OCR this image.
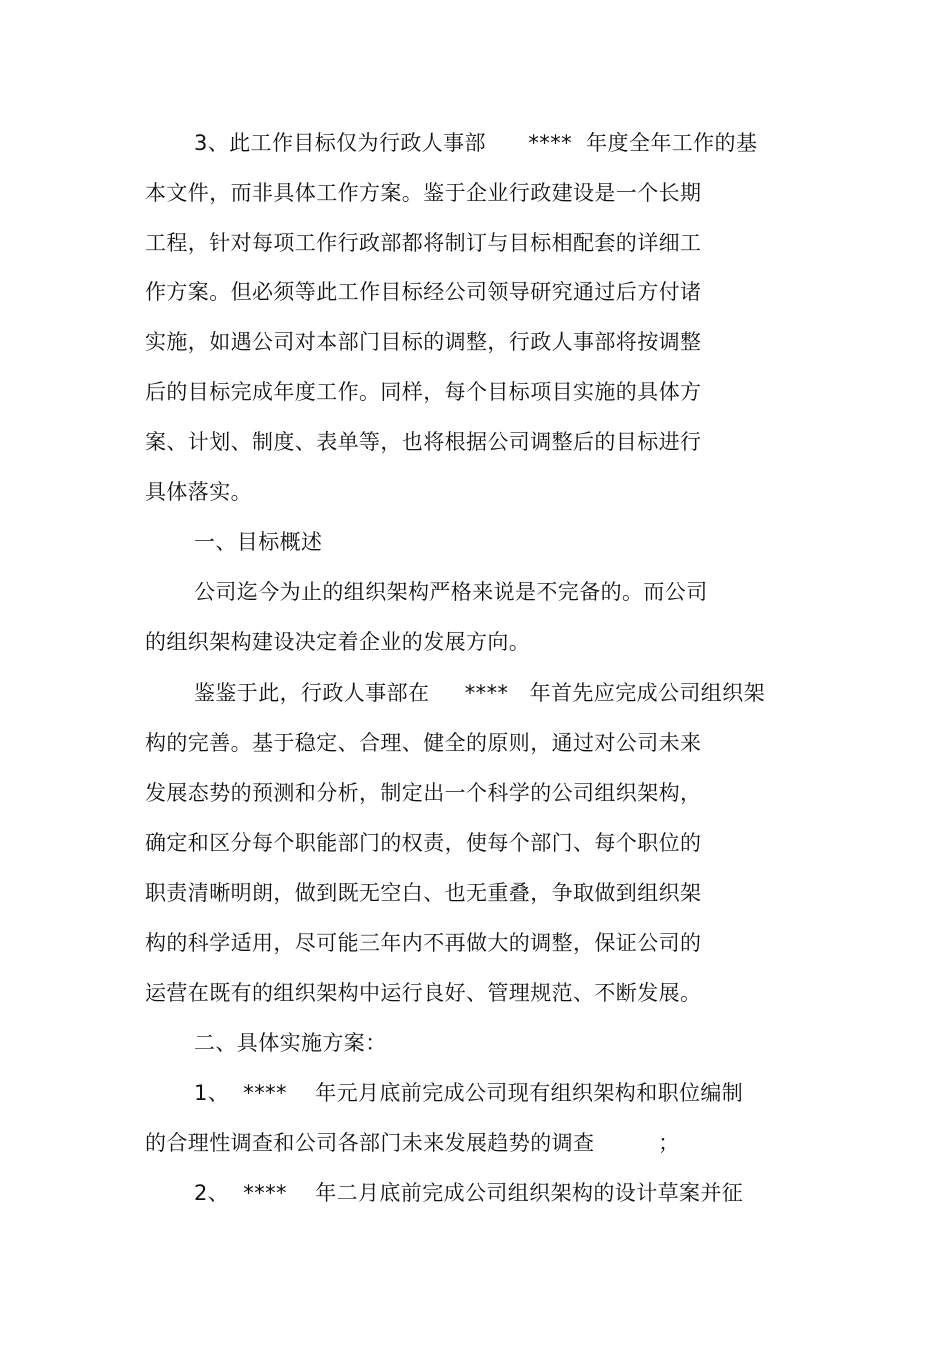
3、此工作目标仅为行政人事部      ****  年度全年工作的基
本文件，而非具体工作方案。鉴于企业行政建设是一个长期
工程，针对每项工作行政部都将制订与目标相配套的详细工
作方案。但必须等此工作目标经公司领导研究通过后方付诸
实施，如遇公司对本部门目标的调整，行政人事部将按调整
后的目标完成年度工作。同样，每个目标项目实施的具体方
案、计划、制度、表单等，也将根据公司调整后的目标进行
具体落实。
一、目标概述
公司迄今为止的组织架构严格来说是不完备的。而公司
的组织架构建设决定着企业的发展方向。
鉴鉴于此，行政人事部在     ****   年首先应完成公司组织架
构的完善。基于稳定、合理、健全的原则，通过对公司未来
发展态势的预测和分析，制定出一个科学的公司组织架构，
确定和区分每个职能部门的权责，使每个部门、每个职位的
职责清晰明朗，做到既无空白、也无重叠，争取做到组织架
构的科学适用，尽可能三年内不再做大的调整，保证公司的
运营在既有的组织架构中运行良好、管理规范、不断发展。
二、具体实施方案：
1、  ****    年元月底前完成公司现有组织架构和职位编制
的合理性调查和公司各部门未来发展趋势的调查         ；
2、  ****    年二月底前完成公司组织架构的设计草案并征
